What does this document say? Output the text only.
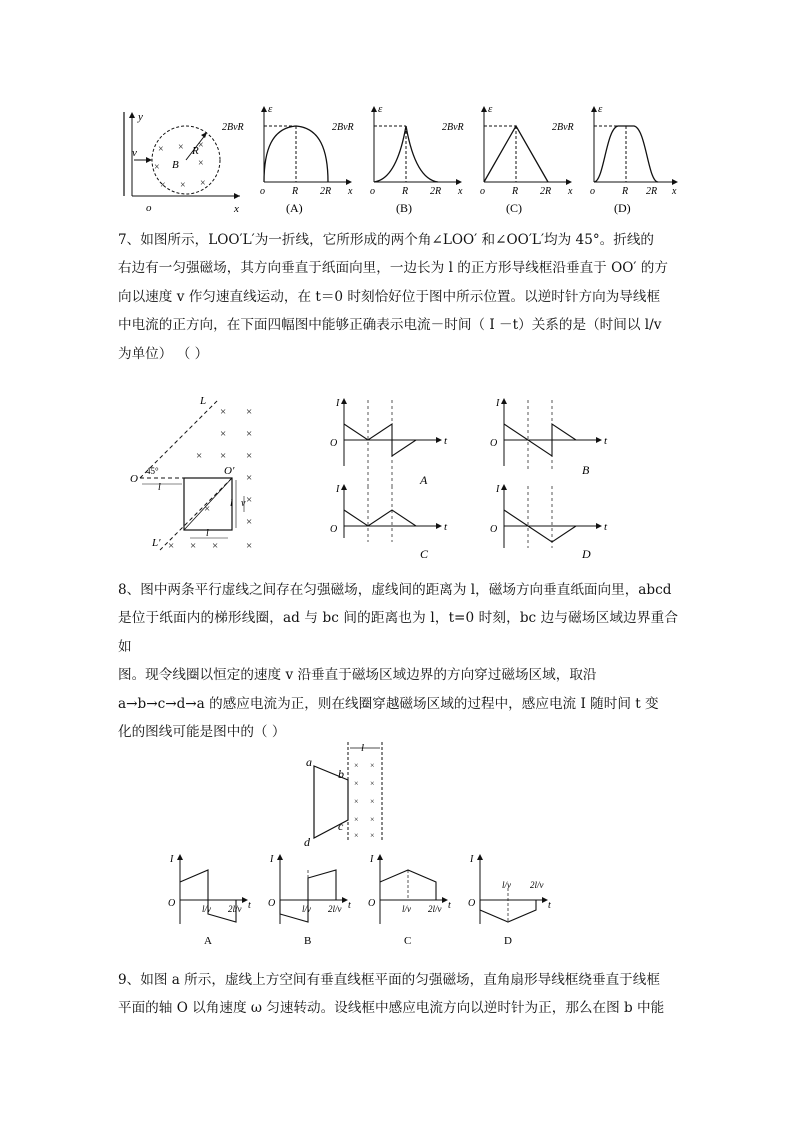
y
x
o
v × × ×
×	×
× × ×
B
R
ε
2BvR
o	R 2R x
(A)
ε
2BvR
o	R 2R x
(B)
ε
2BvR
o	R 2R x
(C)
ε
2BvR
o	R 2R x
(D)
7、如图所示，LOO′L′为一折线，它所形成的两个角∠LOO′ 和∠OO′L′均为 45°。折线的
右边有一匀强磁场，其方向垂直于纸面向里，一边长为 l 的正方形导线框沿垂直于 OO′ 的方
向以速度 v 作匀速直线运动，在 t＝0 时刻恰好位于图中所示位置。以逆时针方向为导线框
中电流的正方向，在下面四幅图中能够正确表示电流－时间（ I －t）关系的是（时间以 l/v
为单位） （ ）
L
O
45°	O′
L′
l
l
l v
× ×
× ×
× × ×
×
×
×
×
× × ×	×
I
t
O
A
I
t
O
B
I
t
O
C
I
t
O
D
8、图中两条平行虚线之间存在匀强磁场，虚线间的距离为 l，磁场方向垂直纸面向里，abcd
是位于纸面内的梯形线圈，ad 与 bc 间的距离也为 l，t=0 时刻，bc 边与磁场区域边界重合如
图。现令线圈以恒定的速度 v 沿垂直于磁场区域边界的方向穿过磁场区域，取沿
a→b→c→d→a 的感应电流为正，则在线圈穿越磁场区域的过程中，感应电流 I 随时间 t 变
化的图线可能是图中的（ ）
l
× ×
× ×
× ×
× ×
× ×
a
b
c
d
I
O	t
l/v 2l/v
A
I
O	t
l/v 2l/v
B
I
O	t
l/v 2l/v
C
I
O	t
l/v 2l/v
D
9、如图 a 所示，虚线上方空间有垂直线框平面的匀强磁场，直角扇形导线框绕垂直于线框
平面的轴 O 以角速度 ω 匀速转动。设线框中感应电流方向以逆时针为正，那么在图 b 中能
